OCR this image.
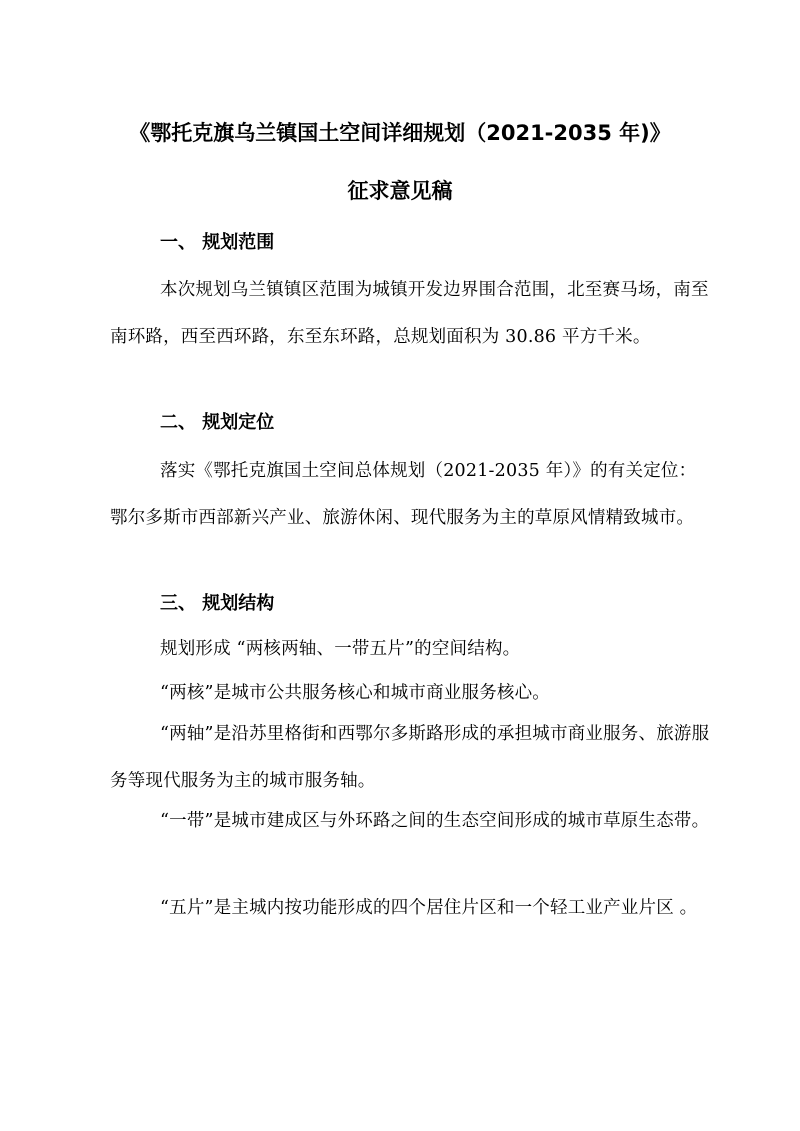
《鄂托克旗乌兰镇国土空间详细规划（2021-2035 年)》
征求意见稿
一、 规划范围
本次规划乌兰镇镇区范围为城镇开发边界围合范围，北至赛马场，南至南环路，西至西环路，东至东环路，总规划面积为 30.86 平方千米。
二、 规划定位
落实《鄂托克旗国土空间总体规划（2021-2035 年）》的有关定位：鄂尔多斯市西部新兴产业、旅游休闲、现代服务为主的草原风情精致城市。
三、 规划结构
规划形成 “两核两轴、一带五片”的空间结构。
“两核”是城市公共服务核心和城市商业服务核心。
“两轴”是沿苏里格街和西鄂尔多斯路形成的承担城市商业服务、旅游服务等现代服务为主的城市服务轴。
“一带”是城市建成区与外环路之间的生态空间形成的城市草原生态带。
“五片”是主城内按功能形成的四个居住片区和一个轻工业产业片区 。
